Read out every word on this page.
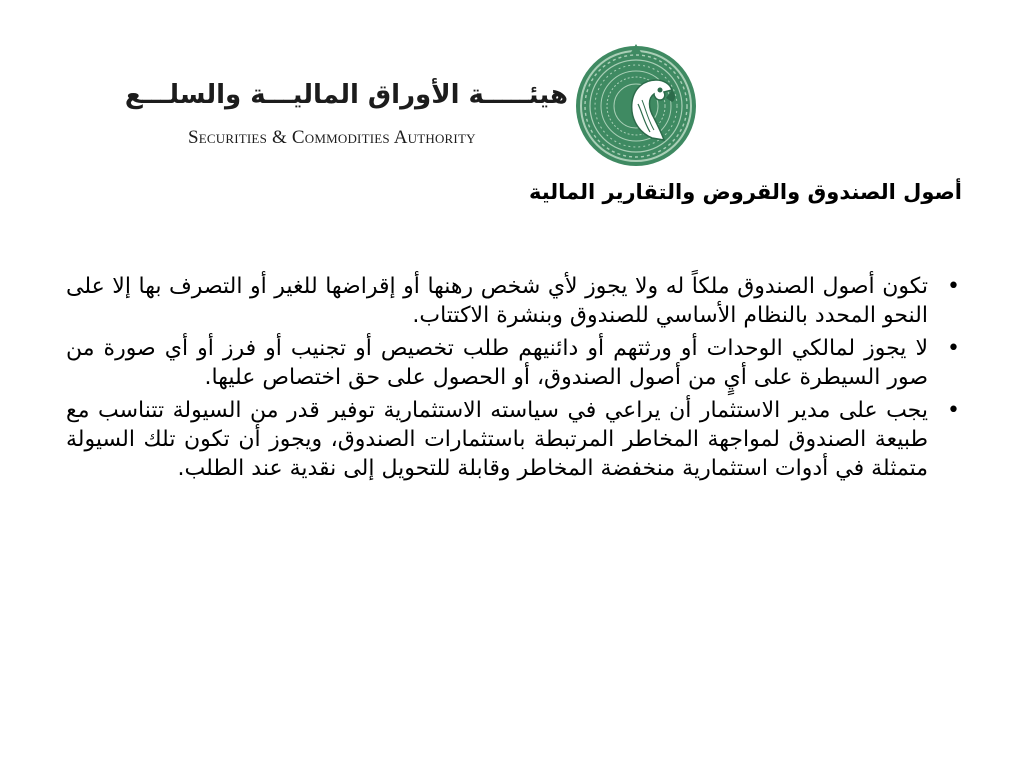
هيئـــــة الأوراق الماليـــة والسلـــع
Securities & Commodities Authority
أصول الصندوق والقروض والتقارير المالية
•
تكون أصول الصندوق ملكاً له ولا يجوز لأي شخص رهنها أو إقراضها للغير أو التصرف بها إلا على النحو المحدد بالنظام الأساسي للصندوق وبنشرة الاكتتاب.
•
لا يجوز لمالكي الوحدات أو ورثتهم أو دائنيهم طلب تخصيص أو تجنيب أو فرز أو أي صورة من صور السيطرة على أيٍ من أصول الصندوق، أو الحصول على حق اختصاص عليها.
•
يجب على مدير الاستثمار أن يراعي في سياسته الاستثمارية توفير قدر من السيولة تتناسب مع طبيعة الصندوق لمواجهة المخاطر المرتبطة باستثمارات الصندوق، ويجوز أن تكون تلك السيولة متمثلة في أدوات استثمارية منخفضة المخاطر وقابلة للتحويل إلى نقدية عند الطلب.
